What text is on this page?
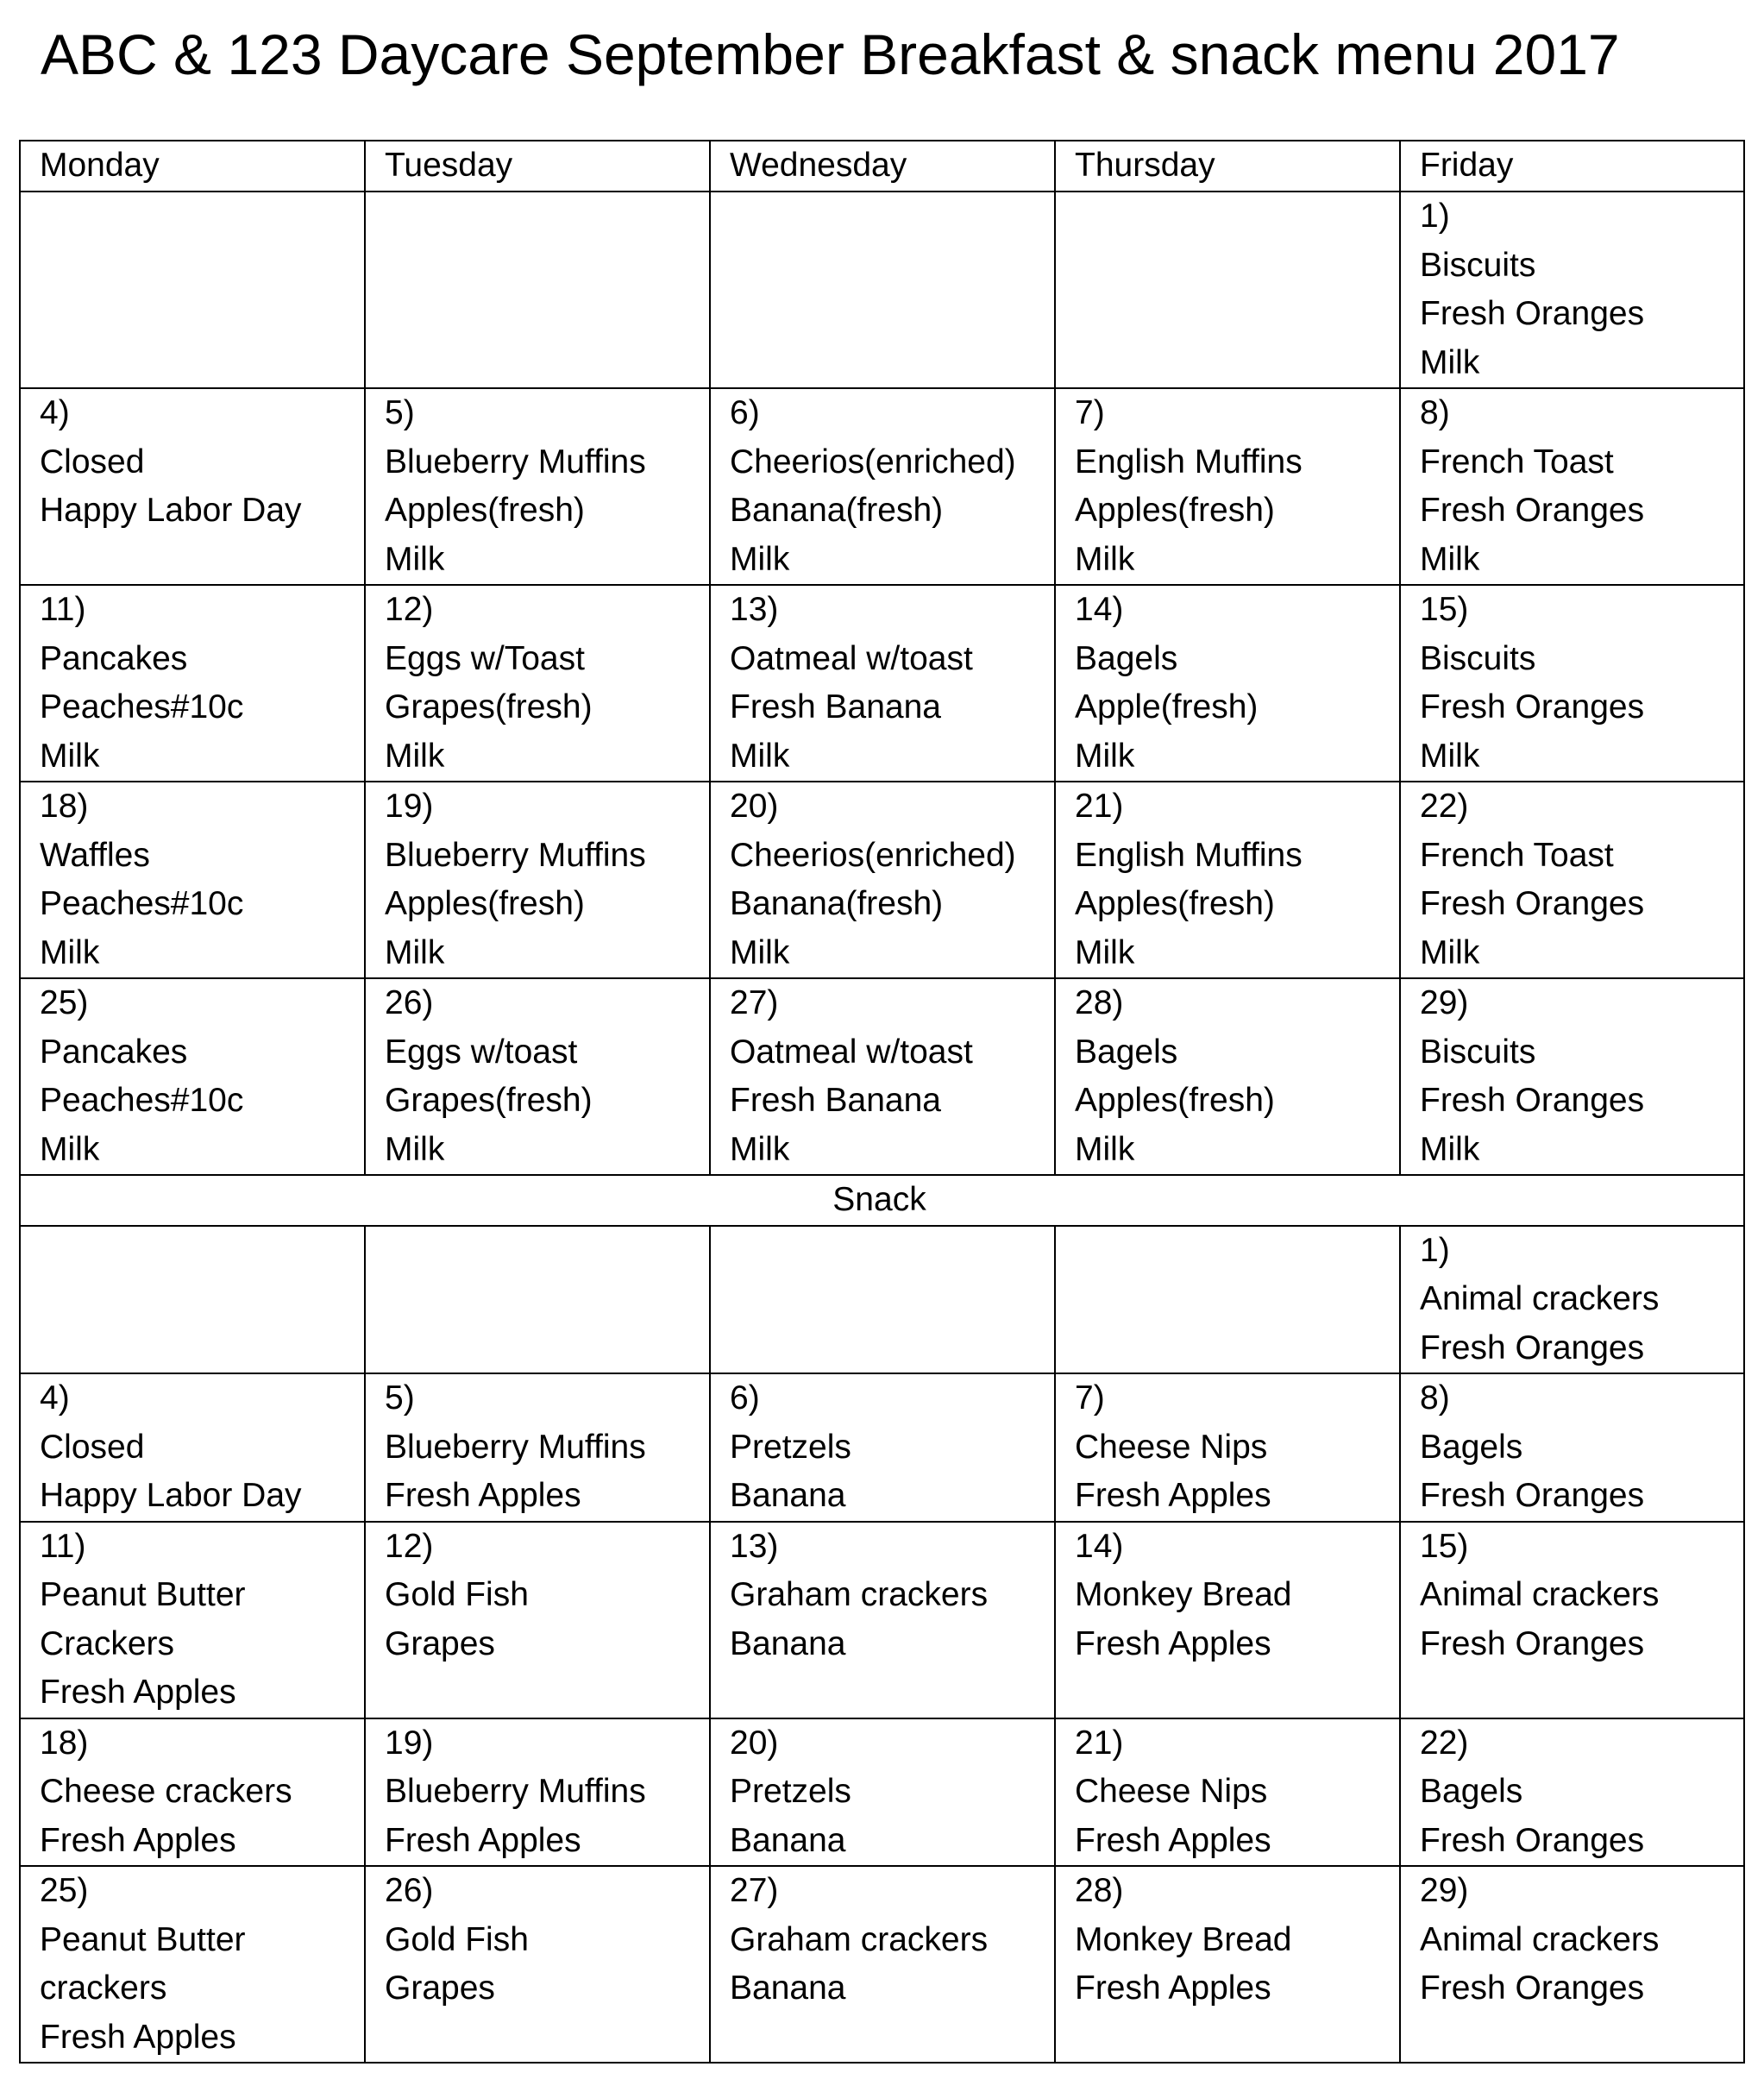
ABC & 123 Daycare September Breakfast & snack menu 2017
Monday	Tuesday	Wednesday	Thursday	Friday

				1)
Biscuits
Fresh Oranges
Milk

4)
Closed
Happy Labor Day	5)
Blueberry Muffins
Apples(fresh)
Milk	6)
Cheerios(enriched)
Banana(fresh)
Milk	7)
English Muffins
Apples(fresh)
Milk	8)
French Toast
Fresh Oranges
Milk

11)
Pancakes
Peaches#10c
Milk	12)
Eggs w/Toast
Grapes(fresh)
Milk	13)
Oatmeal w/toast
Fresh Banana
Milk	14)
Bagels
Apple(fresh)
Milk	15)
Biscuits
Fresh Oranges
Milk

18)
Waffles
Peaches#10c
Milk	19)
Blueberry Muffins
Apples(fresh)
Milk	20)
Cheerios(enriched)
Banana(fresh)
Milk	21)
English Muffins
Apples(fresh)
Milk	22)
French Toast
Fresh Oranges
Milk

25)
Pancakes
Peaches#10c
Milk	26)
Eggs w/toast
Grapes(fresh)
Milk	27)
Oatmeal w/toast
Fresh Banana
Milk	28)
Bagels
Apples(fresh)
Milk	29)
Biscuits
Fresh Oranges
Milk

Snack				

				1)
Animal crackers
Fresh Oranges

4)
Closed
Happy Labor Day	5)
Blueberry Muffins
Fresh Apples	6)
Pretzels
Banana	7)
Cheese Nips
Fresh Apples	8)
Bagels
Fresh Oranges

11)
Peanut Butter
Crackers
Fresh Apples	12)
Gold Fish
Grapes	13)
Graham crackers
Banana	14)
Monkey Bread
Fresh Apples	15)
Animal crackers
Fresh Oranges

18)
Cheese crackers
Fresh Apples	19)
Blueberry Muffins
Fresh Apples	20)
Pretzels
Banana	21)
Cheese Nips
Fresh Apples	22)
Bagels
Fresh Oranges

25)
Peanut Butter
crackers
Fresh Apples	26)
Gold Fish
Grapes	27)
Graham crackers
Banana	28)
Monkey Bread
Fresh Apples	29)
Animal crackers
Fresh Oranges
